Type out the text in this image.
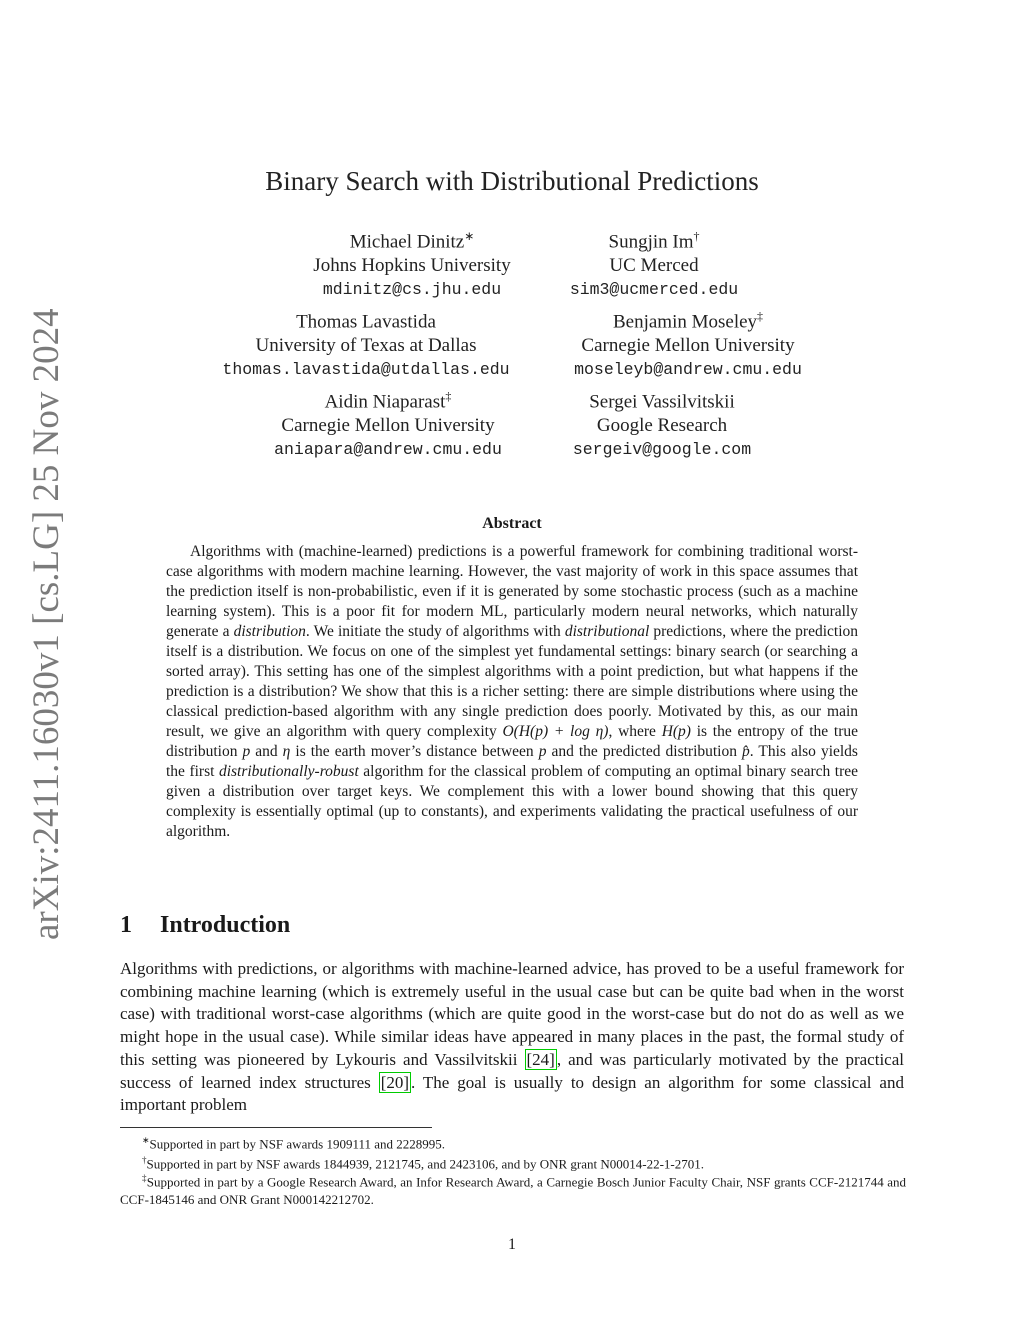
arXiv:2411.16030v1 [cs.LG] 25 Nov 2024
Binary Search with Distributional Predictions
Michael Dinitz∗
Johns Hopkins University
mdinitz@cs.jhu.edu
Sungjin Im†
UC Merced
sim3@ucmerced.edu
Thomas Lavastida
University of Texas at Dallas
thomas.lavastida@utdallas.edu
Benjamin Moseley‡
Carnegie Mellon University
moseleyb@andrew.cmu.edu
Aidin Niaparast‡
Carnegie Mellon University
aniapara@andrew.cmu.edu
Sergei Vassilvitskii
Google Research
sergeiv@google.com
Abstract

Algorithms with (machine-learned) predictions is a powerful framework for combining traditional worst-case algorithms with modern machine learning. However, the vast majority of work in this space assumes that the prediction itself is non-probabilistic, even if it is generated by some stochastic process (such as a machine learning system). This is a poor fit for modern ML, particularly modern neural networks, which naturally generate a distribution. We initiate the study of algorithms with distributional predictions, where the prediction itself is a distribution. We focus on one of the simplest yet fundamental settings: binary search (or searching a sorted array). This setting has one of the simplest algorithms with a point prediction, but what happens if the prediction is a distribution? We show that this is a richer setting: there are simple distributions where using the classical prediction-based algorithm with any single prediction does poorly. Motivated by this, as our main result, we give an algorithm with query complexity O(H(p) + log η), where H(p) is the entropy of the true distribution p and η is the earth mover’s distance between p and the predicted distribution p̂. This also yields the first distributionally-robust algorithm for the classical problem of computing an optimal binary search tree given a distribution over target keys. We complement this with a lower bound showing that this query complexity is essentially optimal (up to constants), and experiments validating the practical usefulness of our algorithm.

1 Introduction

Algorithms with predictions, or algorithms with machine-learned advice, has proved to be a useful framework for combining machine learning (which is extremely useful in the usual case but can be quite bad when in the worst case) with traditional worst-case algorithms (which are quite good in the worst-case but do not do as well as we might hope in the usual case). While similar ideas have appeared in many places in the past, the formal study of this setting was pioneered by Lykouris and Vassilvitskii [24] , and was particularly motivated by the practical success of learned index structures [20] . The goal is usually to design an algorithm for some classical and important problem

∗Supported in part by NSF awards 1909111 and 2228995.

†Supported in part by NSF awards 1844939, 2121745, and 2423106, and by ONR grant N00014-22-1-2701.

‡Supported in part by a Google Research Award, an Infor Research Award, a Carnegie Bosch Junior Faculty Chair, NSF grants CCF-2121744 and CCF-1845146 and ONR Grant N000142212702.

1
